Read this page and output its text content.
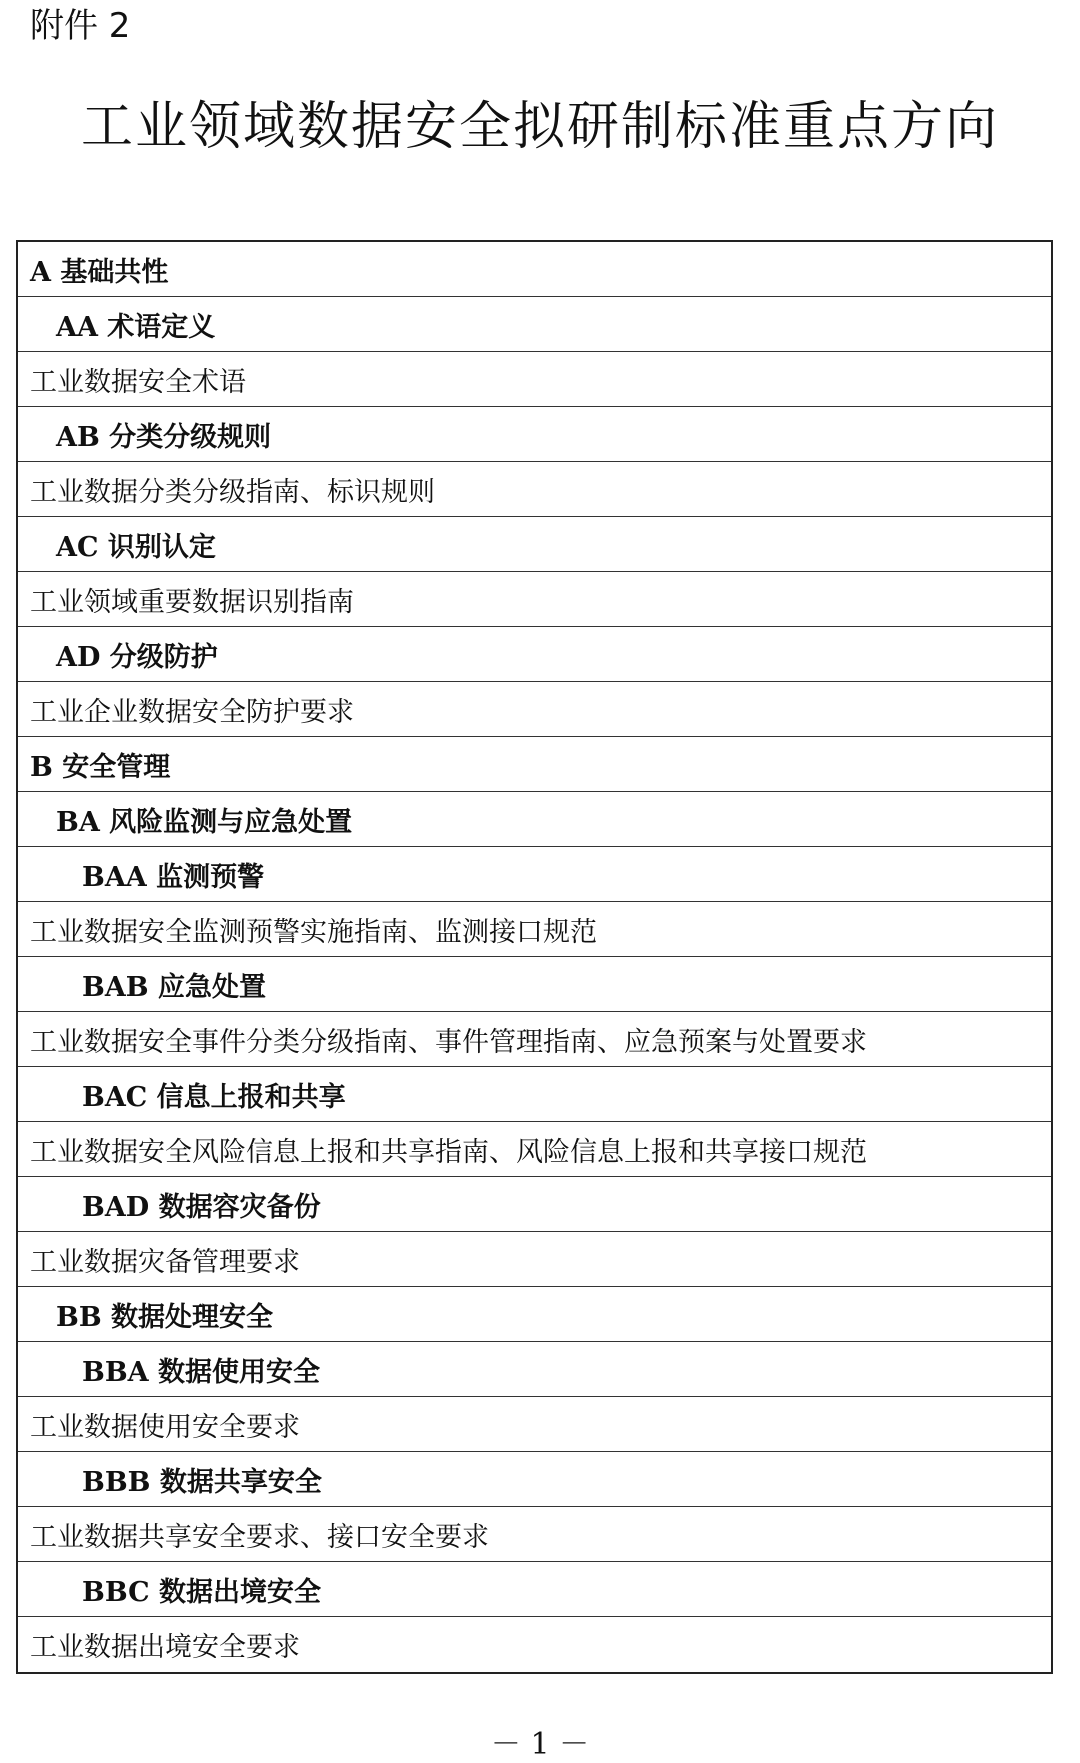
附件 2
工业领域数据安全拟研制标准重点方向
A 基础共性
AA 术语定义
工业数据安全术语
AB 分类分级规则
工业数据分类分级指南、标识规则
AC 识别认定
工业领域重要数据识别指南
AD 分级防护
工业企业数据安全防护要求
B 安全管理
BA 风险监测与应急处置
BAA 监测预警
工业数据安全监测预警实施指南、监测接口规范
BAB 应急处置
工业数据安全事件分类分级指南、事件管理指南、应急预案与处置要求
BAC 信息上报和共享
工业数据安全风险信息上报和共享指南、风险信息上报和共享接口规范
BAD 数据容灾备份
工业数据灾备管理要求
BB 数据处理安全
BBA 数据使用安全
工业数据使用安全要求
BBB 数据共享安全
工业数据共享安全要求、接口安全要求
BBC 数据出境安全
工业数据出境安全要求
－ 1 －
